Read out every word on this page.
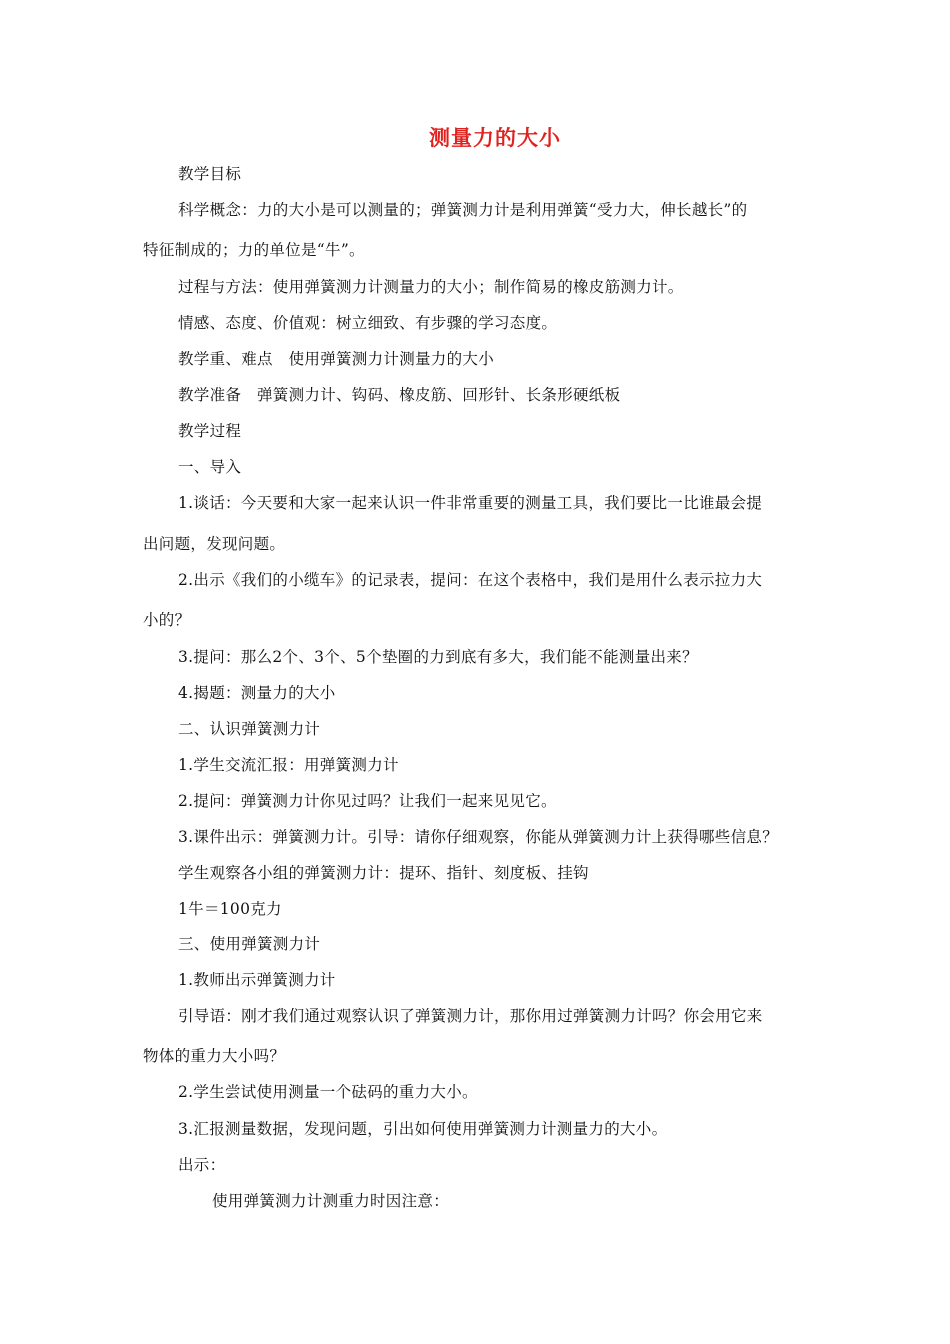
测量力的大小
教学目标
科学概念：力的大小是可以测量的；弹簧测力计是利用弹簧“受力大，伸长越长”的
特征制成的；力的单位是“牛”。
过程与方法：使用弹簧测力计测量力的大小；制作简易的橡皮筋测力计。
情感、态度、价值观：树立细致、有步骤的学习态度。
教学重、难点　使用弹簧测力计测量力的大小
教学准备　弹簧测力计、钩码、橡皮筋、回形针、长条形硬纸板
教学过程
一、导入
1.谈话：今天要和大家一起来认识一件非常重要的测量工具，我们要比一比谁最会提
出问题，发现问题。
2.出示《我们的小缆车》的记录表，提问：在这个表格中，我们是用什么表示拉力大
小的？
3.提问：那么2个、3个、5个垫圈的力到底有多大，我们能不能测量出来？
4.揭题：测量力的大小
二、认识弹簧测力计
1.学生交流汇报：用弹簧测力计
2.提问：弹簧测力计你见过吗？让我们一起来见见它。
3.课件出示：弹簧测力计。引导：请你仔细观察，你能从弹簧测力计上获得哪些信息？
学生观察各小组的弹簧测力计：提环、指针、刻度板、挂钩
1牛＝100克力
三、使用弹簧测力计
1.教师出示弹簧测力计
引导语：刚才我们通过观察认识了弹簧测力计，那你用过弹簧测力计吗？你会用它来
物体的重力大小吗？
2.学生尝试使用测量一个砝码的重力大小。
3.汇报测量数据，发现问题，引出如何使用弹簧测力计测量力的大小。
出示：
使用弹簧测力计测重力时因注意：
